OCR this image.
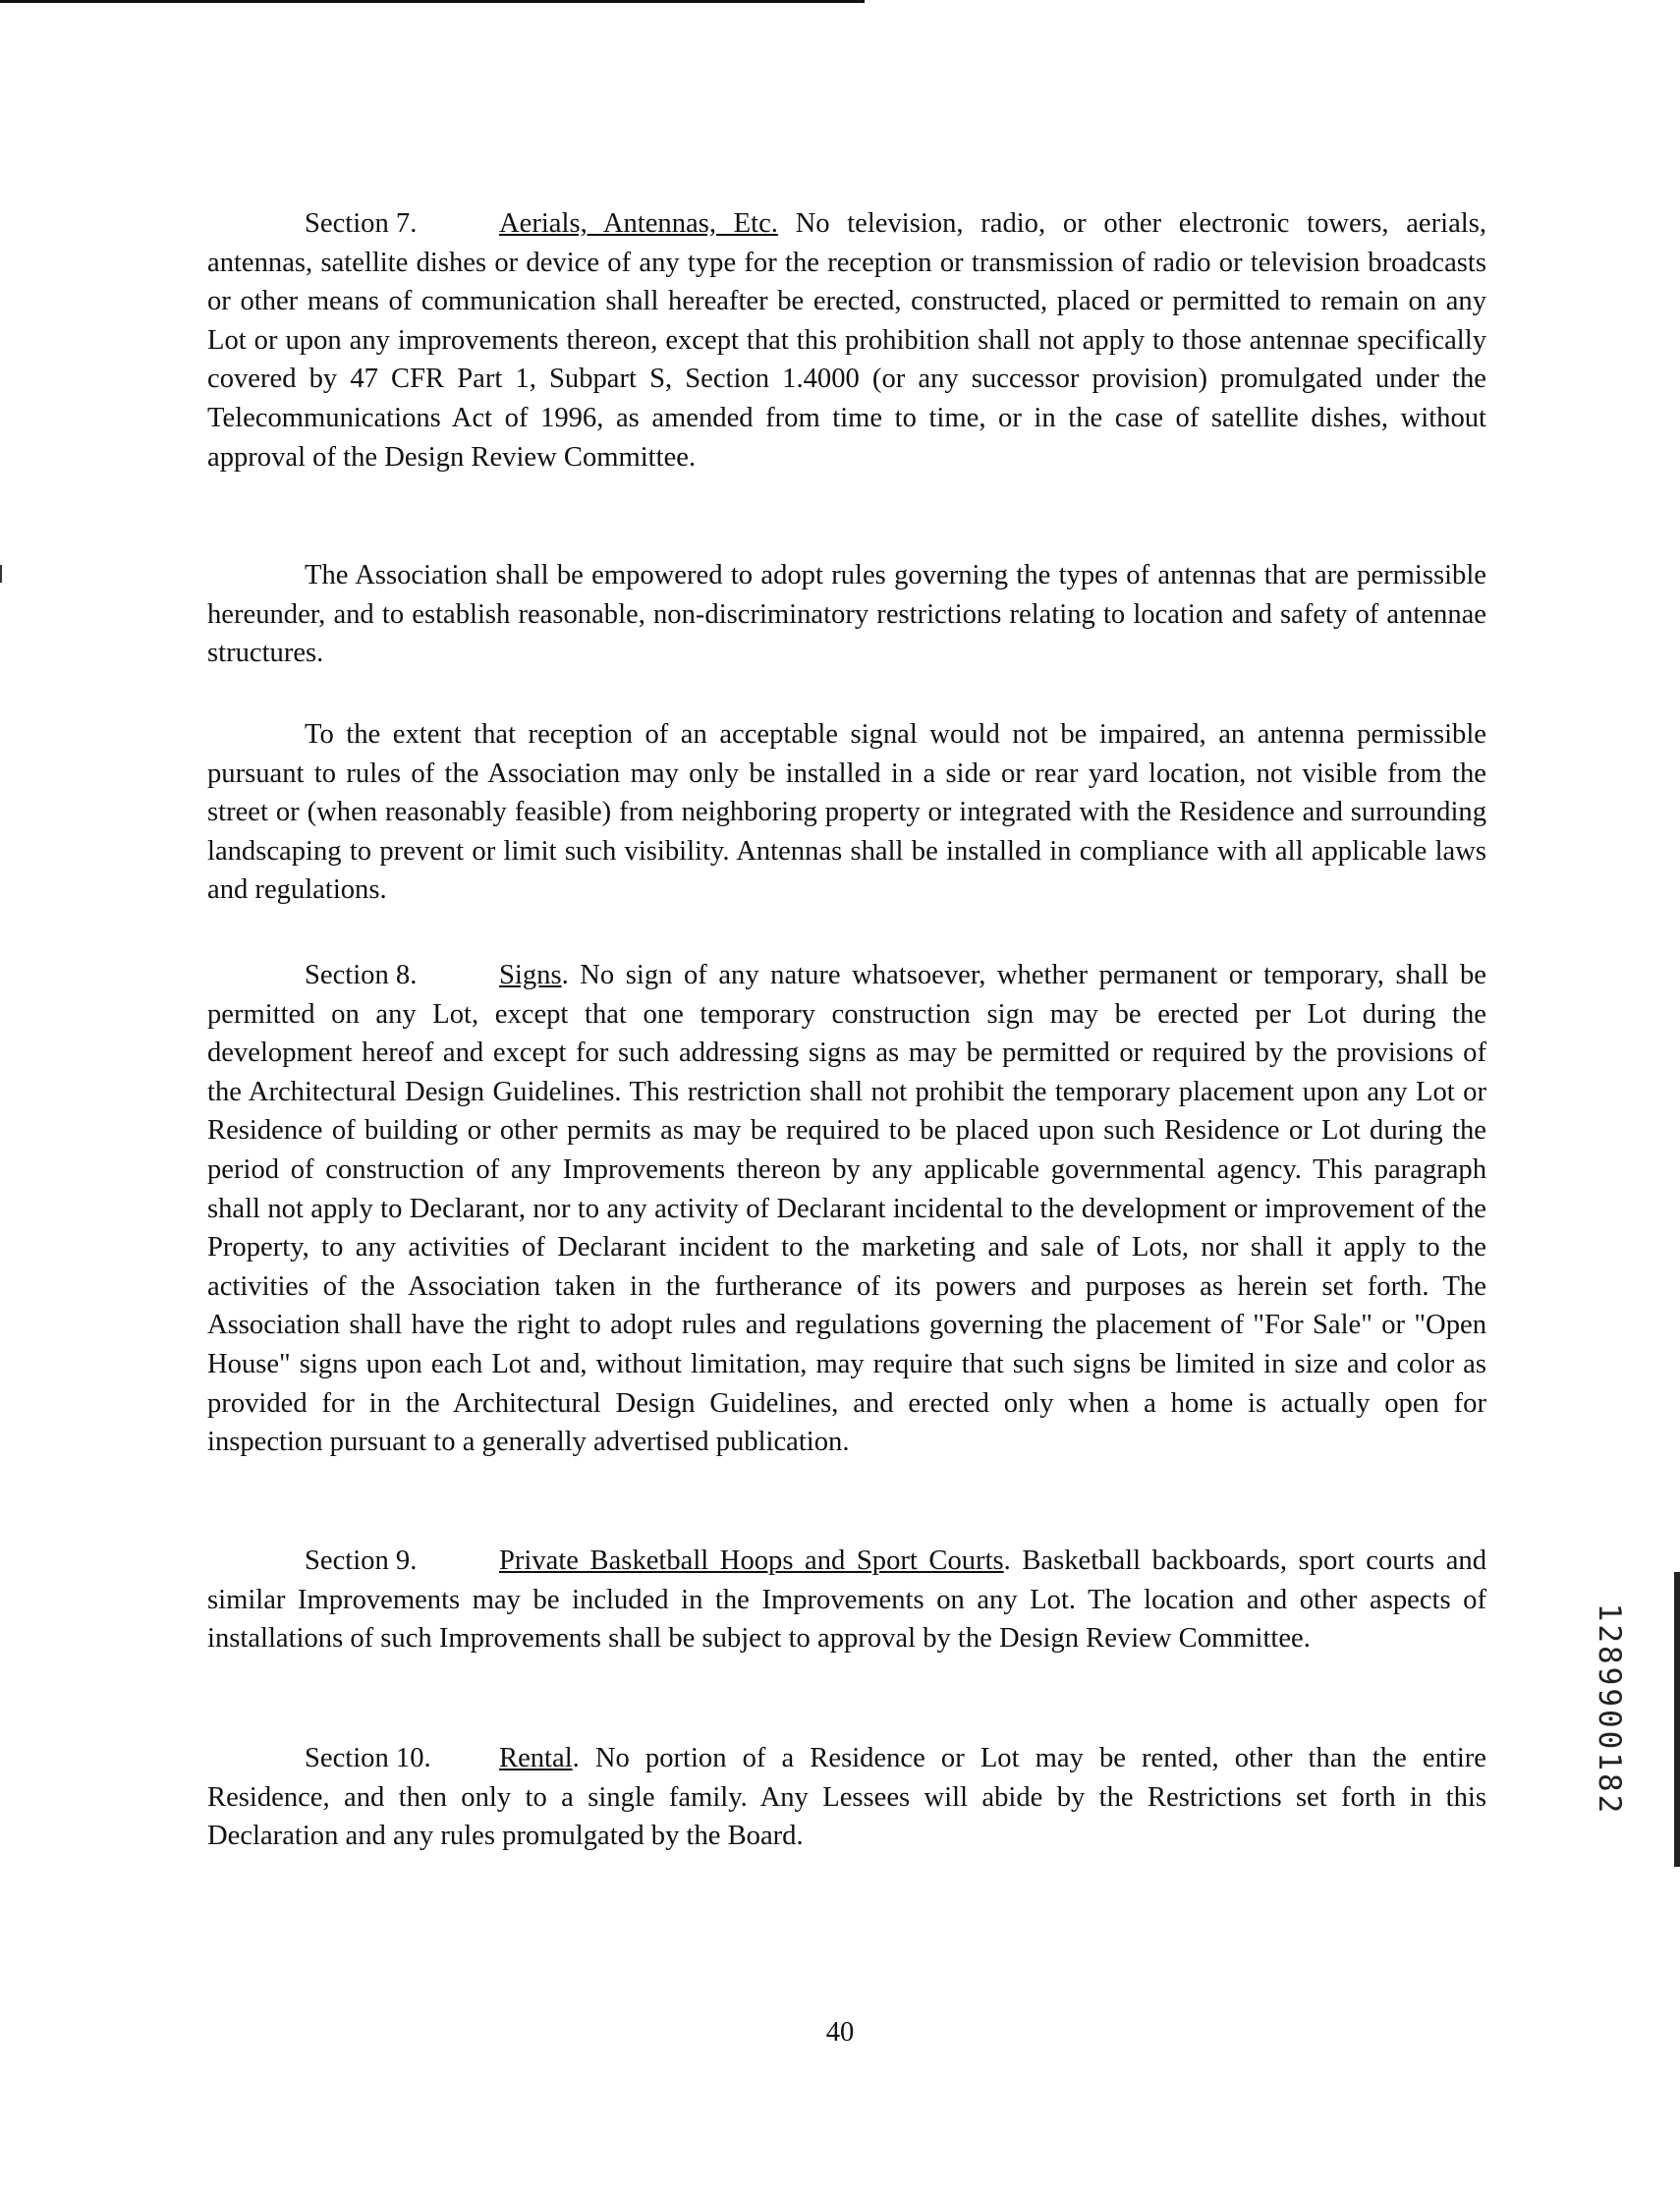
Section 7.	Aerials, Antennas, Etc. No television, radio, or other electronic towers, aerials, antennas, satellite dishes or device of any type for the reception or transmission of radio or television broadcasts or other means of communication shall hereafter be erected, constructed, placed or permitted to remain on any Lot or upon any improvements thereon, except that this prohibition shall not apply to those antennae specifically covered by 47 CFR Part 1, Subpart S, Section 1.4000 (or any successor provision) promulgated under the Telecommunications Act of 1996, as amended from time to time, or in the case of satellite dishes, without approval of the Design Review Committee.

The Association shall be empowered to adopt rules governing the types of antennas that are permissible hereunder, and to establish reasonable, non-discriminatory restrictions relating to location and safety of antennae structures.

To the extent that reception of an acceptable signal would not be impaired, an antenna permissible pursuant to rules of the Association may only be installed in a side or rear yard location, not visible from the street or (when reasonably feasible) from neighboring property or integrated with the Residence and surrounding landscaping to prevent or limit such visibility. Antennas shall be installed in compliance with all applicable laws and regulations.

Section 8.	Signs. No sign of any nature whatsoever, whether permanent or temporary, shall be permitted on any Lot, except that one temporary construction sign may be erected per Lot during the development hereof and except for such addressing signs as may be permitted or required by the provisions of the Architectural Design Guidelines. This restriction shall not prohibit the temporary placement upon any Lot or Residence of building or other permits as may be required to be placed upon such Residence or Lot during the period of construction of any Improvements thereon by any applicable governmental agency. This paragraph shall not apply to Declarant, nor to any activity of Declarant incidental to the development or improvement of the Property, to any activities of Declarant incident to the marketing and sale of Lots, nor shall it apply to the activities of the Association taken in the furtherance of its powers and purposes as herein set forth. The Association shall have the right to adopt rules and regulations governing the placement of "For Sale" or "Open House" signs upon each Lot and, without limitation, may require that such signs be limited in size and color as provided for in the Architectural Design Guidelines, and erected only when a home is actually open for inspection pursuant to a generally advertised publication.

Section 9.	Private Basketball Hoops and Sport Courts. Basketball backboards, sport courts and similar Improvements may be included in the Improvements on any Lot. The location and other aspects of installations of such Improvements shall be subject to approval by the Design Review Committee.

Section 10. Rental. No portion of a Residence or Lot may be rented, other than the entire Residence, and then only to a single family. Any Lessees will abide by the Restrictions set forth in this Declaration and any rules promulgated by the Board.

40
1289900182
